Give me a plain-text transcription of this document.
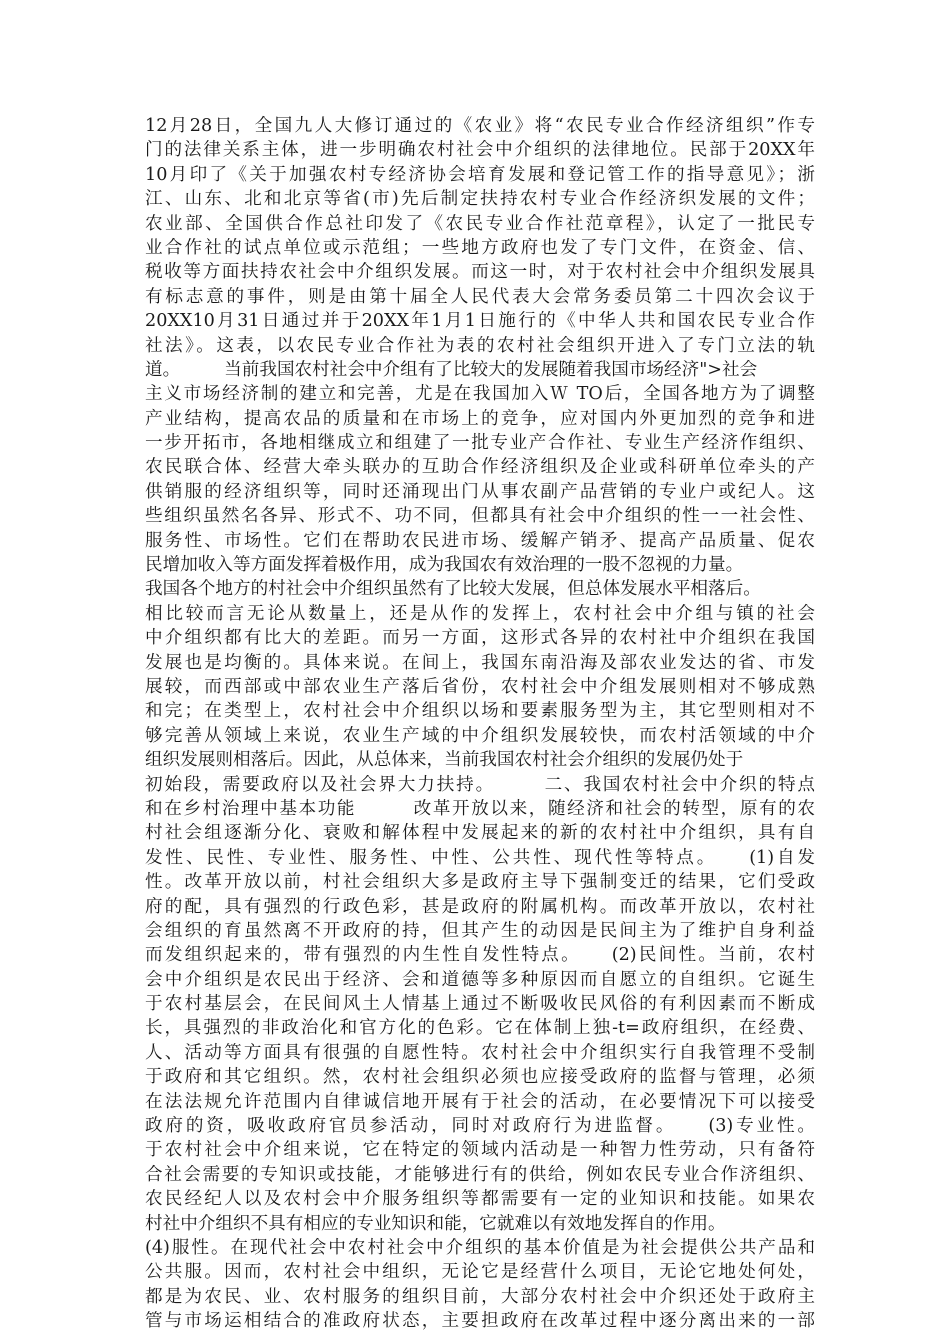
12月28日，全国九人大修订通过的《农业》将“农民专业合作经济组织”作专
门的法律关系主体，进一步明确农村社会中介组织的法律地位。民部于20XX年
10月印了《关于加强农村专经济协会培育发展和登记管工作的指导意见》；浙
江、山东、北和北京等省(市)先后制定扶持农村专业合作经济织发展的文件；
农业部、全国供合作总社印发了《农民专业合作社范章程》，认定了一批民专
业合作社的试点单位或示范组；一些地方政府也发了专门文件，在资金、信、
税收等方面扶持农社会中介组织发展。而这一时，对于农村社会中介组织发展具
有标志意的事件，则是由第十届全人民代表大会常务委员第二十四次会议于
20XX10月31日通过并于20XX年1月1日施行的《中华人共和国农民专业合作
社法》。这表，以农民专业合作社为表的农村社会组织开进入了专门立法的轨
道。　　　当前我国农村社会中介组有了比较大的发展随着我国市场经济">社会
主义市场经济制的建立和完善，尤是在我国加入Ｗ TO后，全国各地方为了调整
产业结构，提高农品的质量和在市场上的竞争，应对国内外更加烈的竞争和进
一步开拓市，各地相继成立和组建了一批专业产合作社、专业生产经济作组织、
农民联合体、经营大牵头联办的互助合作经济组织及企业或科研单位牵头的产
供销服的经济组织等，同时还涌现出门从事农副产品营销的专业户或纪人。这
些组织虽然名各异、形式不、功不同，但都具有社会中介组织的性一一社会性、
服务性、市场性。它们在帮助农民进市场、缓解产销矛、提高产品质量、促农
民增加收入等方面发挥着极作用，成为我国农有效治理的一股不忽视的力量。
我国各个地方的村社会中介组织虽然有了比较大发展，但总体发展水平相落后。
相比较而言无论从数量上，还是从作的发挥上，农村社会中介组与镇的社会
中介组织都有比大的差距。而另一方面，这形式各异的农村社中介组织在我国
发展也是均衡的。具体来说。在间上，我国东南沿海及部农业发达的省、市发
展较，而西部或中部农业生产落后省份，农村社会中介组发展则相对不够成熟
和完；在类型上，农村社会中介组织以场和要素服务型为主，其它型则相对不
够完善从领域上来说，农业生产域的中介组织发展较快，而农村活领域的中介
组织发展则相落后。因此，从总体来，当前我国农村社会介组织的发展仍处于
初始段，需要政府以及社会界大力扶持。　　　二、我国农村社会中介织的特点
和在乡村治理中基本功能　　　改革开放以来，随经济和社会的转型，原有的农
村社会组逐渐分化、衰败和解体程中发展起来的新的农村社中介组织，具有自
发性、民性、专业性、服务性、中性、公共性、现代性等特点。　　(1)自发
性。改革开放以前，村社会组织大多是政府主导下强制变迁的结果，它们受政
府的配，具有强烈的行政色彩，甚是政府的附属机构。而改革开放以，农村社
会组织的育虽然离不开政府的持，但其产生的动因是民间主为了维护自身利益
而发组织起来的，带有强烈的内生性自发性特点。　　(2)民间性。当前，农村
会中介组织是农民出于经济、会和道德等多种原因而自愿立的自组织。它诞生
于农村基层会，在民间风土人情基上通过不断吸收民风俗的有利因素而不断成
长，具强烈的非政治化和官方化的色彩。它在体制上独-t=政府组织，在经费、
人、活动等方面具有很强的自愿性特。农村社会中介组织实行自我管理不受制
于政府和其它组织。然，农村社会组织必须也应接受政府的监督与管理，必须
在法法规允许范围内自律诚信地开展有于社会的活动，在必要情况下可以接受
政府的资，吸收政府官员参活动，同时对政府行为进监督。　　(3)专业性。
于农村社会中介组来说，它在特定的领域内活动是一种智力性劳动，只有备符
合社会需要的专知识或技能，才能够进行有的供给，例如农民专业合作济组织、
农民经纪人以及农村会中介服务组织等都需要有一定的业知识和技能。如果农
村社中介组织不具有相应的专业知识和能，它就难以有效地发挥自的作用。
(4)服性。在现代社会中农村社会中介组织的基本价值是为社会提供公共产品和
公共服。因而，农村社会中组织，无论它是经营什么项目，无论它地处何处，
都是为农民、业、农村服务的组织目前，大部分农村社会中介织还处于政府主
管与市场运相结合的准政府状态，主要担政府在改革过程中逐分离出来的一部
